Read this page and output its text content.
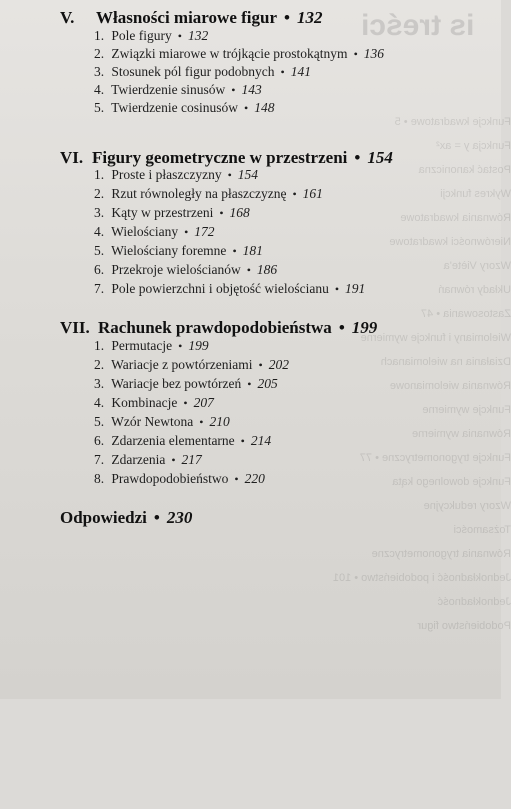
is treści
Funkcje kwadratowe • 5
Funkcja y = ax²
Postać kanoniczna
Wykres funkcji
Równania kwadratowe
Nierówności kwadratowe
Wzory Viète'a
Układy równań
Zastosowania • 47
Wielomiany i funkcje wymierne
Działania na wielomianach
Równania wielomianowe
Funkcje wymierne
Równania wymierne
Funkcje trygonometryczne • 77
Funkcje dowolnego kąta
Wzory redukcyjne
Tożsamości
Równania trygonometryczne
Jednokładność i podobieństwo • 101
Jednokładność
Podobieństwo figur
V. Własności miarowe figur • 132
1. Pole figury • 132
2. Związki miarowe w trójkącie prostokątnym • 136
3. Stosunek pól figur podobnych • 141
4. Twierdzenie sinusów • 143
5. Twierdzenie cosinusów • 148
VI. Figury geometryczne w przestrzeni • 154
1. Proste i płaszczyzny • 154
2. Rzut równoległy na płaszczyznę • 161
3. Kąty w przestrzeni • 168
4. Wielościany • 172
5. Wielościany foremne • 181
6. Przekroje wielościanów • 186
7. Pole powierzchni i objętość wielościanu • 191
VII. Rachunek prawdopodobieństwa • 199
1. Permutacje • 199
2. Wariacje z powtórzeniami • 202
3. Wariacje bez powtórzeń • 205
4. Kombinacje • 207
5. Wzór Newtona • 210
6. Zdarzenia elementarne • 214
7. Zdarzenia • 217
8. Prawdopodobieństwo • 220
Odpowiedzi • 230
